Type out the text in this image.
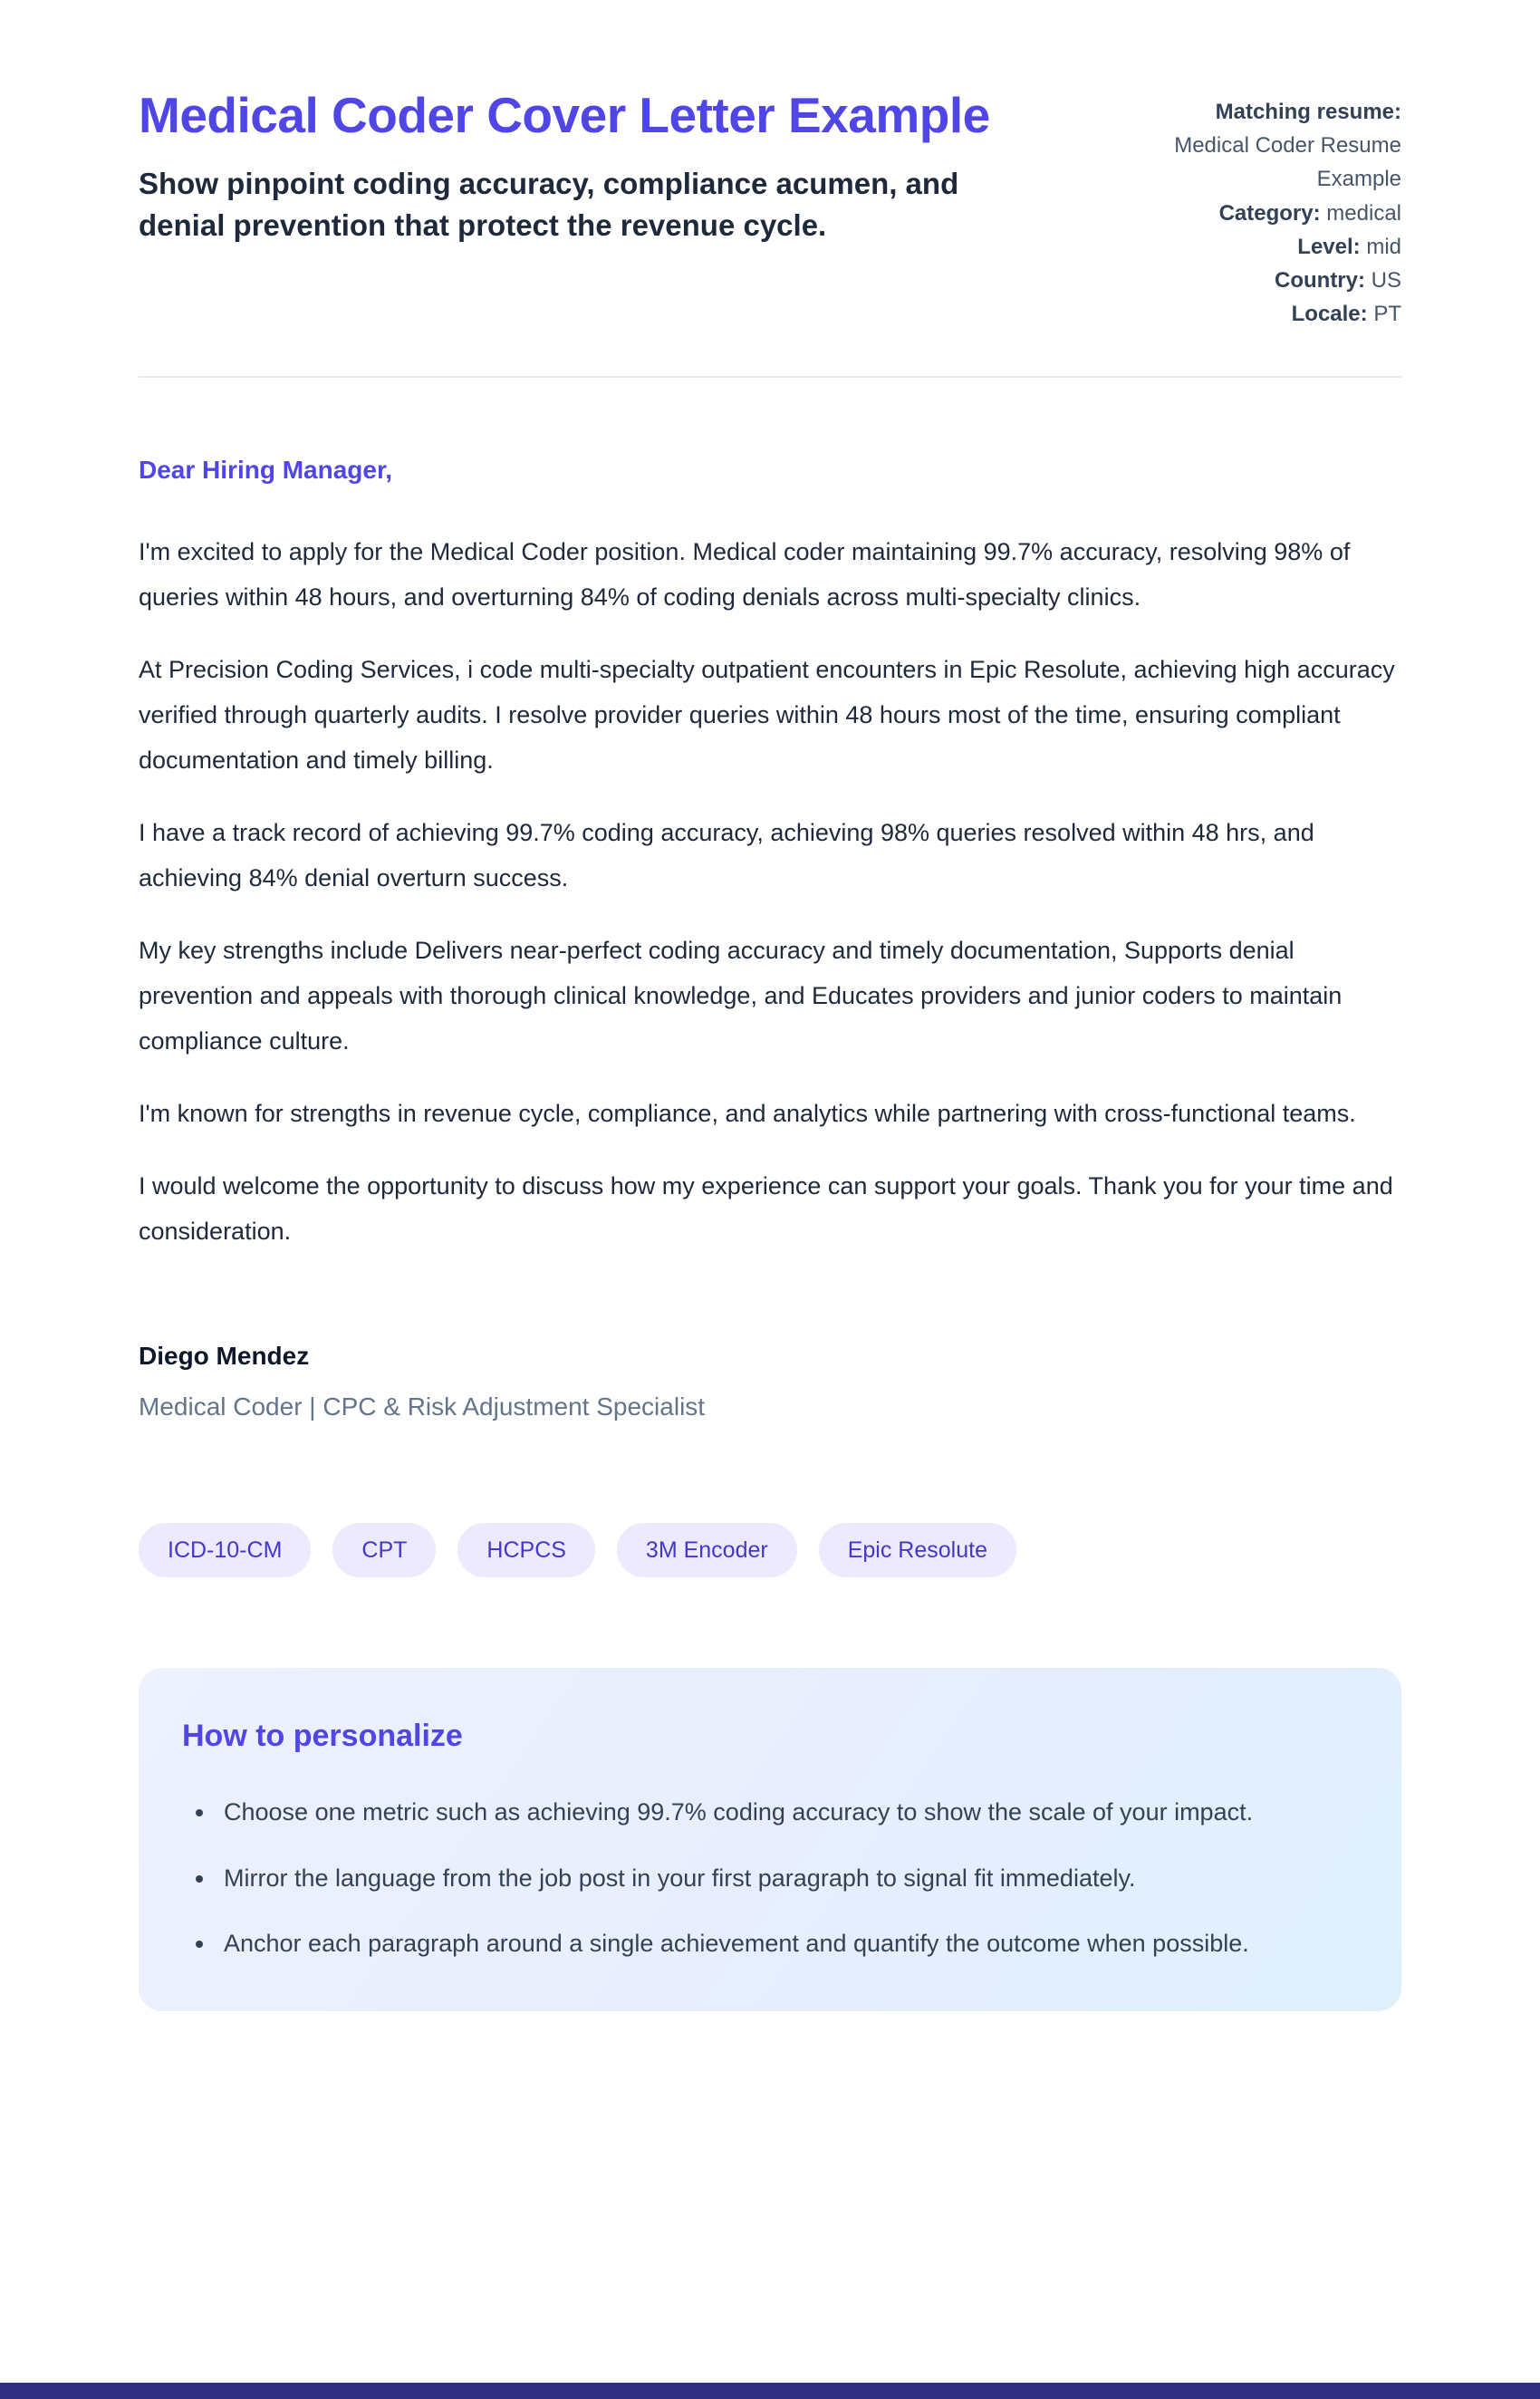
Medical Coder Cover Letter Example

Show pinpoint coding accuracy, compliance acumen, and denial prevention that protect the revenue cycle.

Matching resume:
Medical Coder Resume Example
Category: medical
Level: mid
Country: US
Locale: PT

Dear Hiring Manager,

I'm excited to apply for the Medical Coder position. Medical coder maintaining 99.7% accuracy, resolving 98% of queries within 48 hours, and overturning 84% of coding denials across multi-specialty clinics.

At Precision Coding Services, i code multi-specialty outpatient encounters in Epic Resolute, achieving high accuracy verified through quarterly audits. I resolve provider queries within 48 hours most of the time, ensuring compliant documentation and timely billing.

I have a track record of achieving 99.7% coding accuracy, achieving 98% queries resolved within 48 hrs, and achieving 84% denial overturn success.

My key strengths include Delivers near-perfect coding accuracy and timely documentation, Supports denial prevention and appeals with thorough clinical knowledge, and Educates providers and junior coders to maintain compliance culture.

I'm known for strengths in revenue cycle, compliance, and analytics while partnering with cross-functional teams.

I would welcome the opportunity to discuss how my experience can support your goals. Thank you for your time and consideration.

Diego Mendez

Medical Coder | CPC & Risk Adjustment Specialist

ICD-10-CM	CPT	HCPCS	3M Encoder	Epic Resolute
How to personalize
• Choose one metric such as achieving 99.7% coding accuracy to show the scale of your impact.
• Mirror the language from the job post in your first paragraph to signal fit immediately.
• Anchor each paragraph around a single achievement and quantify the outcome when possible.
